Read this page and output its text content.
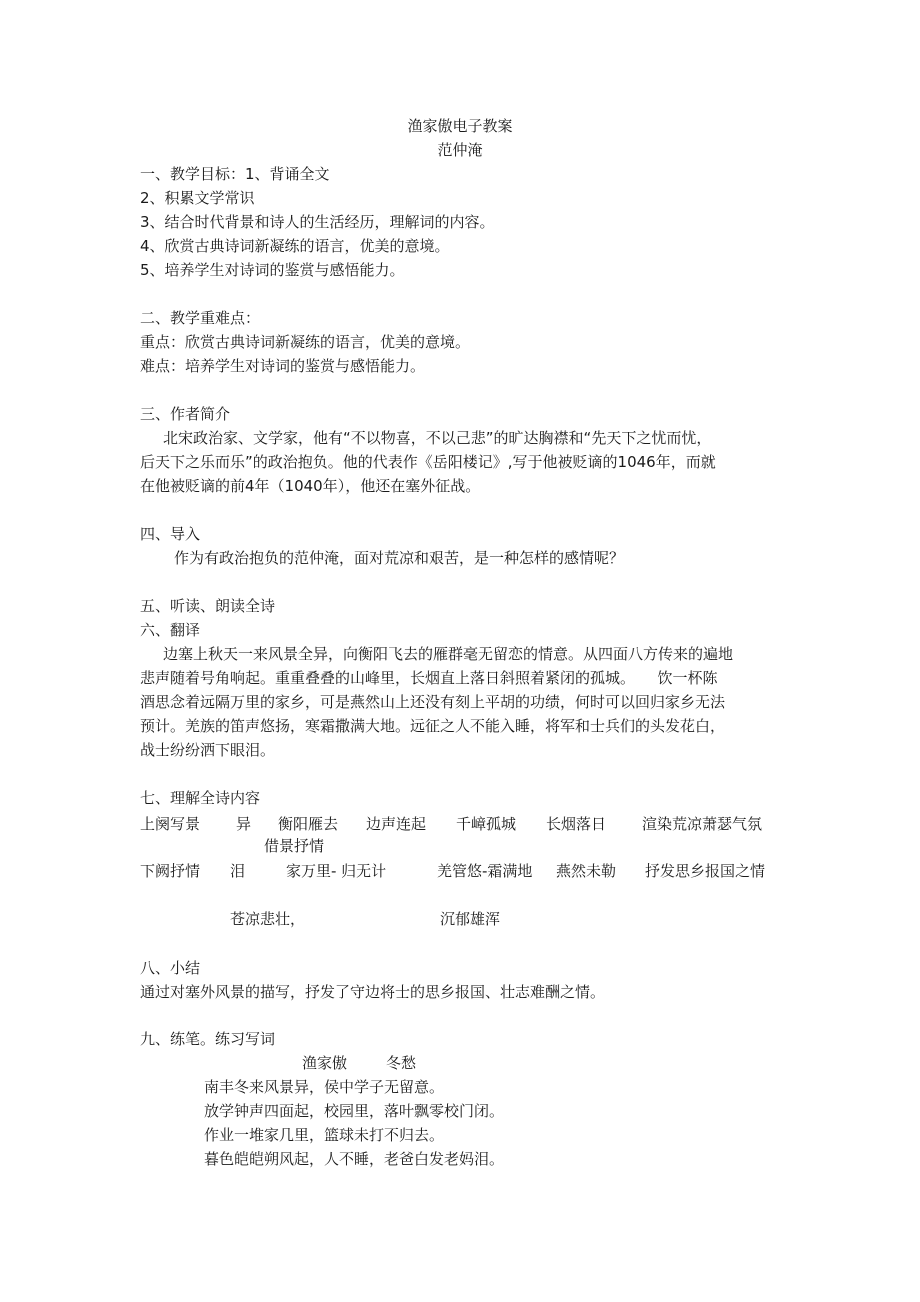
渔家傲电子教案
范仲淹
一、教学目标：1、背诵全文
2、积累文学常识
3、结合时代背景和诗人的生活经历，理解词的内容。
4、欣赏古典诗词新凝练的语言，优美的意境。
5、培养学生对诗词的鉴赏与感悟能力。
二、教学重难点：
重点：欣赏古典诗词新凝练的语言，优美的意境。
难点：培养学生对诗词的鉴赏与感悟能力。
三、作者简介
北宋政治家、文学家，他有“不以物喜，不以己悲”的旷达胸襟和“先天下之忧而忧，
后天下之乐而乐”的政治抱负。他的代表作《岳阳楼记》,写于他被贬谪的1046年，而就
在他被贬谪的前4年（1040年），他还在塞外征战。
四、导入
作为有政治抱负的范仲淹，面对荒凉和艰苦，是一种怎样的感情呢？
五、听读、朗读全诗
六、翻译
边塞上秋天一来风景全异，向衡阳飞去的雁群毫无留恋的情意。从四面八方传来的遍地
悲声随着号角响起。重重叠叠的山峰里，长烟直上落日斜照着紧闭的孤城。　　饮一杯陈
酒思念着远隔万里的家乡，可是燕然山上还没有刻上平胡的功绩，何时可以回归家乡无法
预计。羌族的笛声悠扬，寒霜撒满大地。远征之人不能入睡，将军和士兵们的头发花白，
战士纷纷洒下眼泪。
七、理解全诗内容
上阕写景 异 衡阳雁去 边声连起 千嶂孤城 长烟落日 渲染荒凉萧瑟气氛
借景抒情
下阙抒情 泪	家万里- 归无计	羌管悠-霜满地 燕然未勒 抒发思乡报国之情
苍凉悲壮，	沉郁雄浑
八、小结
通过对塞外风景的描写，抒发了守边将士的思乡报国、壮志难酬之情。
九、练笔。练习写词
渔家傲	冬愁
南丰冬来风景异，侯中学子无留意。
放学钟声四面起，校园里，落叶飘零校门闭。
作业一堆家几里，篮球未打不归去。
暮色皑皑朔风起，人不睡，老爸白发老妈泪。
